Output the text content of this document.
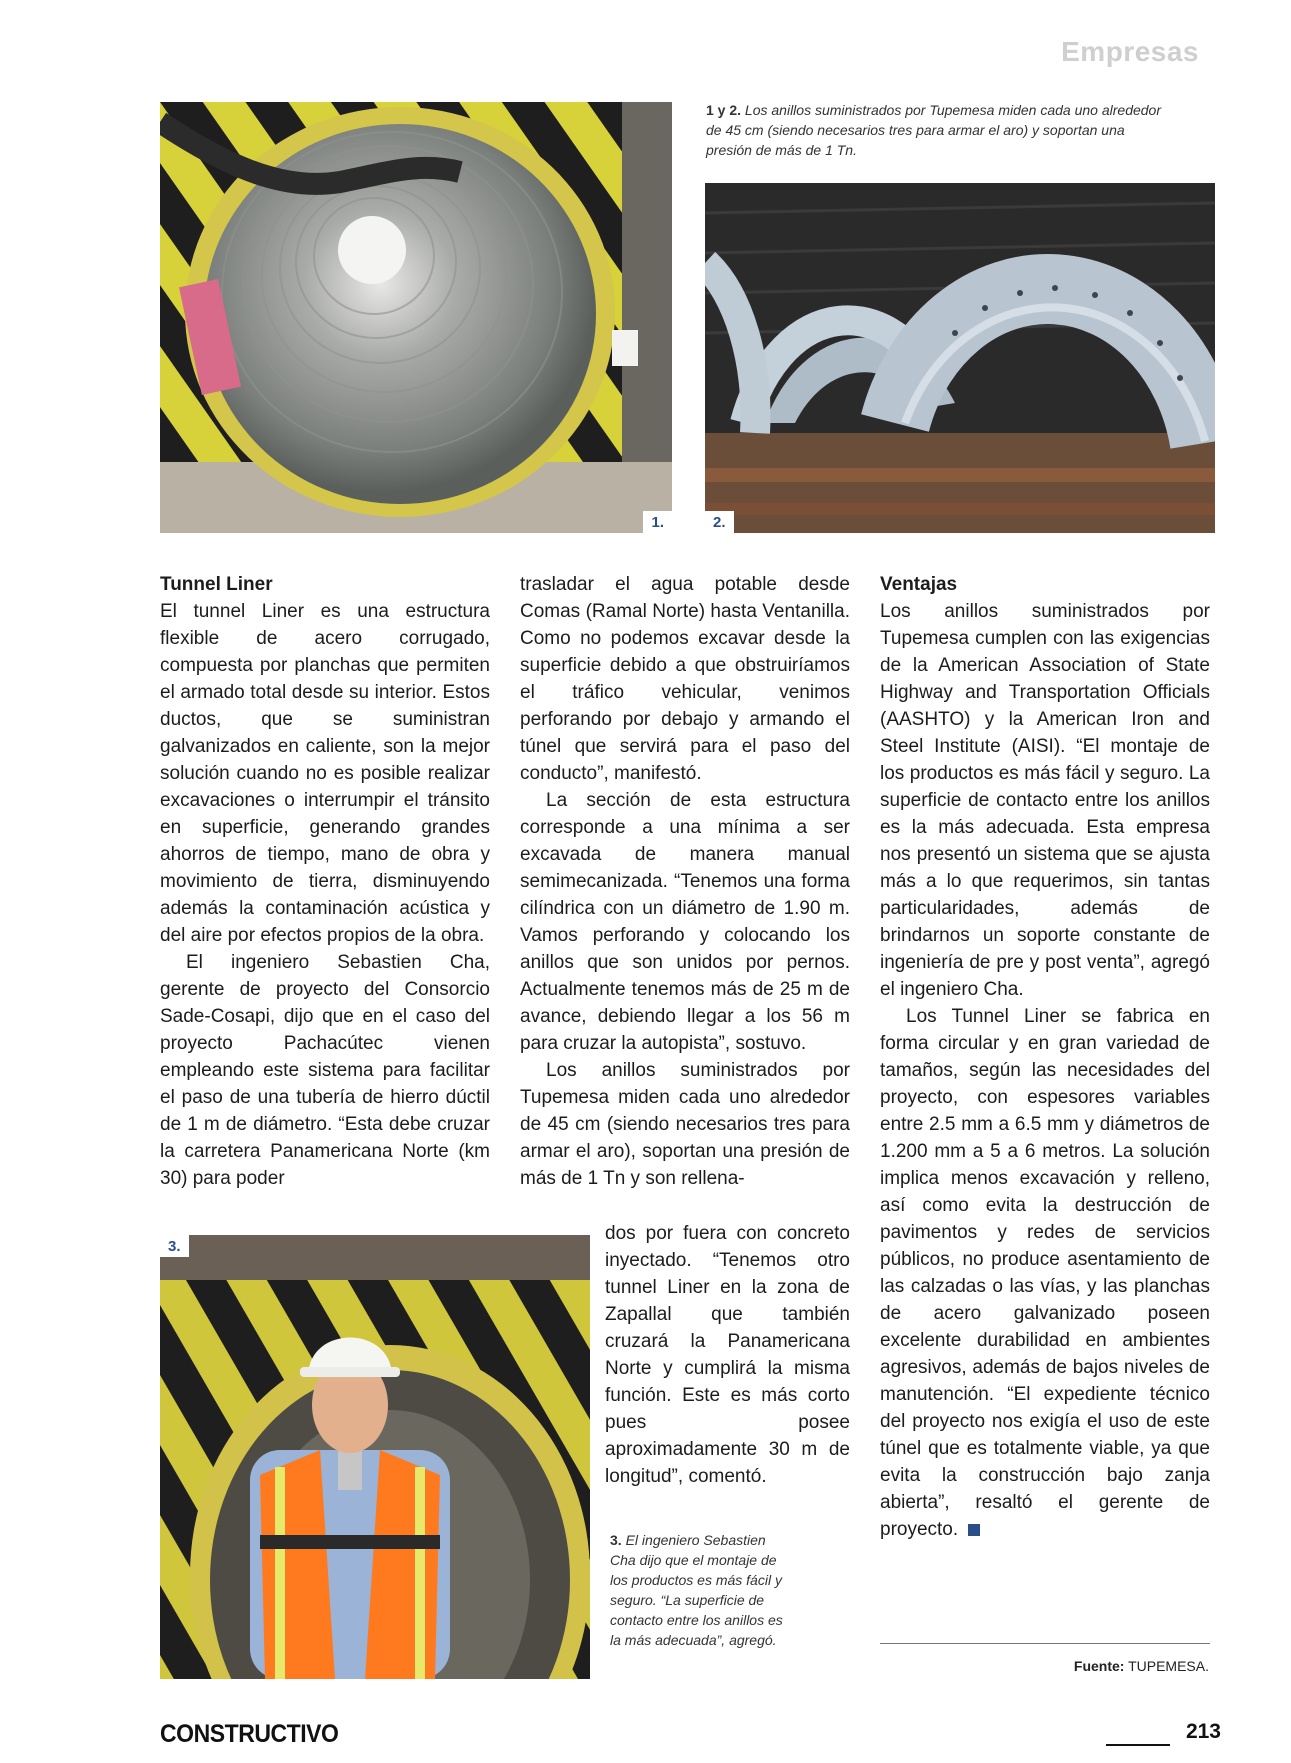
Empresas
1.
1 y 2. Los anillos suministrados por Tupemesa miden cada uno alrededor de 45 cm (siendo necesarios tres para armar el aro) y soportan una presión de más de 1 Tn.
2.
Tunnel Liner

El tunnel Liner es una estructura flexible de acero corrugado, compuesta por planchas que permiten el armado total desde su interior. Estos ductos, que se suministran galvanizados en caliente, son la mejor solución cuando no es posible realizar excavaciones o interrumpir el tránsito en superficie, generando grandes ahorros de tiempo, mano de obra y movimiento de tierra, disminuyendo además la contaminación acústica y del aire por efectos propios de la obra.

El ingeniero Sebastien Cha, gerente de proyecto del Consorcio Sade-Cosapi, dijo que en el caso del proyecto Pachacútec vienen empleando este sistema para facilitar el paso de una tubería de hierro dúctil de 1 m de diámetro. “Esta debe cruzar la carretera Panamericana Norte (km 30) para poder

trasladar el agua potable desde Comas (Ramal Norte) hasta Ventanilla. Como no podemos excavar desde la superficie debido a que obstruiríamos el tráfico vehicular, venimos perforando por debajo y armando el túnel que servirá para el paso del conducto”, manifestó.

La sección de esta estructura corresponde a una mínima a ser excavada de manera manual semimecanizada. “Tenemos una forma cilíndrica con un diámetro de 1.90 m. Vamos perforando y colocando los anillos que son unidos por pernos. Actualmente tenemos más de 25 m de avance, debiendo llegar a los 56 m para cruzar la autopista”, sostuvo.

Los anillos suministrados por Tupemesa miden cada uno alrededor de 45 cm (siendo necesarios tres para armar el aro), soportan una presión de más de 1 Tn y son rellena-

3.

dos por fuera con concreto inyectado. “Tenemos otro tunnel Liner en la zona de Zapallal que también cruzará la Panamericana Norte y cumplirá la misma función. Este es más corto pues posee aproximadamente 30 m de longitud”, comentó.

3. El ingeniero Sebastien Cha dijo que el montaje de los productos es más fácil y seguro. “La superficie de contacto entre los anillos es la más adecuada”, agregó.
Ventajas

Los anillos suministrados por Tupemesa cumplen con las exigencias de la American Association of State Highway and Transportation Officials (AASHTO) y la American Iron and Steel Institute (AISI). “El montaje de los productos es más fácil y seguro. La superficie de contacto entre los anillos es la más adecuada. Esta empresa nos presentó un sistema que se ajusta más a lo que requerimos, sin tantas particularidades, además de brindarnos un soporte constante de ingeniería de pre y post venta”, agregó el ingeniero Cha.

Los Tunnel Liner se fabrica en forma circular y en gran variedad de tamaños, según las necesidades del proyecto, con espesores variables entre 2.5 mm a 6.5 mm y diámetros de 1.200 mm a 5 a 6 metros. La solución implica menos excavación y relleno, así como evita la destrucción de pavimentos y redes de servicios públicos, no produce asentamiento de las calzadas o las vías, y las planchas de acero galvanizado poseen excelente durabilidad en ambientes agresivos, además de bajos niveles de manutención. “El expediente técnico del proyecto nos exigía el uso de este túnel que es totalmente viable, ya que evita la construcción bajo zanja abierta”, resaltó el gerente de proyecto.

Fuente: TUPEMESA.
CONSTRUCTIVO	213
